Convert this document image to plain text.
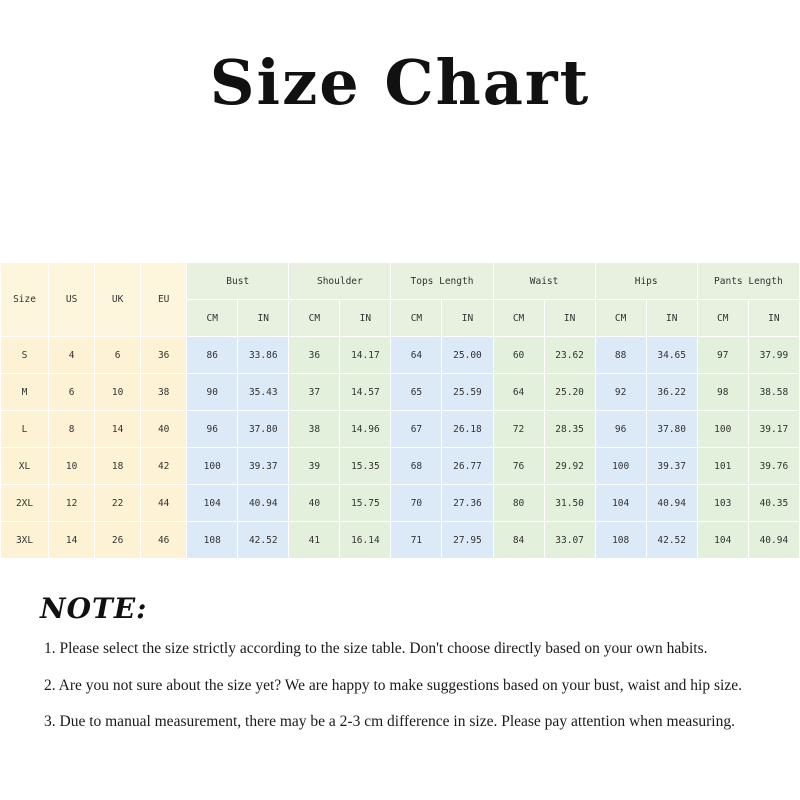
Size Chart
Size	US	UK	EU	Bust		Shoulder		Tops Length		Waist		Hips		Pants Length	
				CM	IN	CM	IN	CM	IN	CM	IN	CM	IN	CM	IN
S	4	6	36	86	33.86	36	14.17	64	25.00	60	23.62	88	34.65	97	37.99
M	6	10	38	90	35.43	37	14.57	65	25.59	64	25.20	92	36.22	98	38.58
L	8	14	40	96	37.80	38	14.96	67	26.18	72	28.35	96	37.80	100	39.17
XL	10	18	42	100	39.37	39	15.35	68	26.77	76	29.92	100	39.37	101	39.76
2XL	12	22	44	104	40.94	40	15.75	70	27.36	80	31.50	104	40.94	103	40.35
3XL	14	26	46	108	42.52	41	16.14	71	27.95	84	33.07	108	42.52	104	40.94
NOTE:

1. Please select the size strictly according to the size table. Don't choose directly based on your own habits.

2. Are you not sure about the size yet? We are happy to make suggestions based on your bust, waist and hip size.

3. Due to manual measurement, there may be a 2-3 cm difference in size. Please pay attention when measuring.
